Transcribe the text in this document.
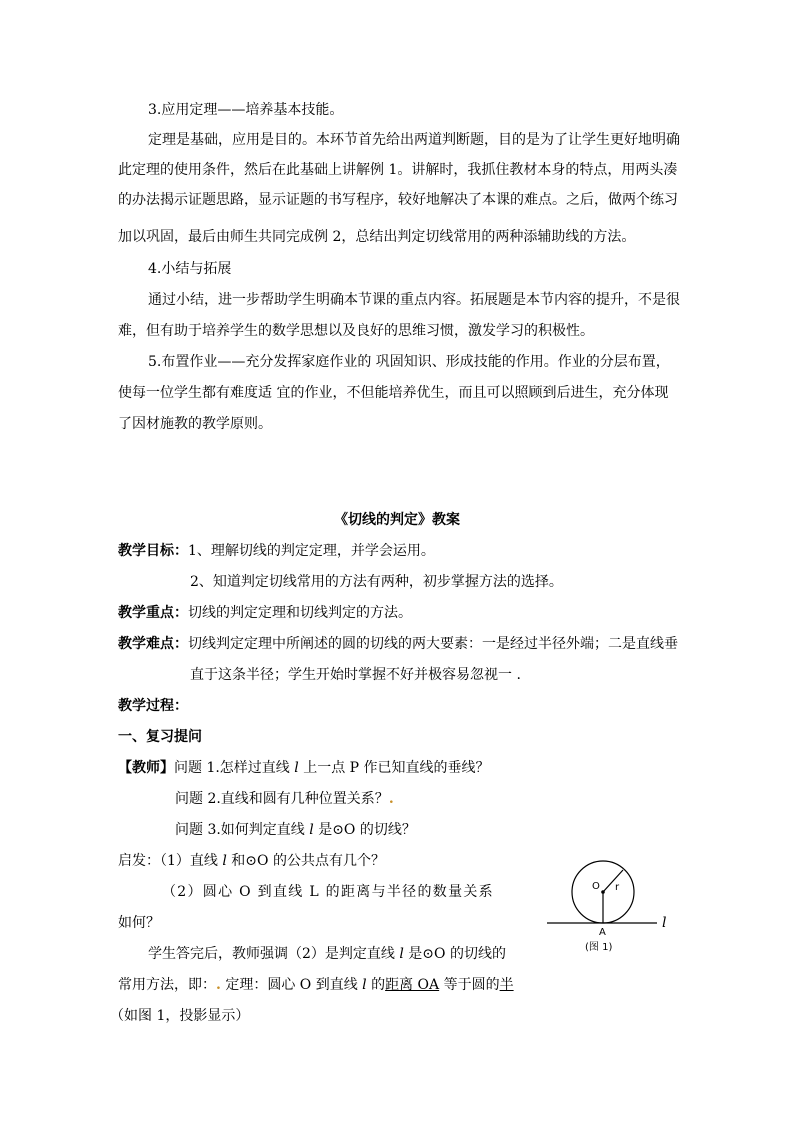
3.应用定理——培养基本技能。
定理是基础，应用是目的。本环节首先给出两道判断题，目的是为了让学生更好地明确
此定理的使用条件，然后在此基础上讲解例 1。讲解时，我抓住教材本身的特点，用两头凑
的办法揭示证题思路，显示证题的书写程序，较好地解决了本课的难点。之后，做两个练习
加以巩固，最后由师生共同完成例 2，总结出判定切线常用的两种添辅助线的方法。
4.小结与拓展
通过小结，进一步帮助学生明确本节课的重点内容。拓展题是本节内容的提升，不是很
难，但有助于培养学生的数学思想以及良好的思维习惯，激发学习的积极性。
5.布置作业——充分发挥家庭作业的 巩固知识、形成技能的作用。作业的分层布置，
使每一位学生都有难度适 宜的作业，不但能培养优生，而且可以照顾到后进生，充分体现
了因材施教的教学原则。
《切线的判定》教案
教学目标：1、理解切线的判定定理，并学会运用。
2、知道判定切线常用的方法有两种，初步掌握方法的选择。
教学重点：切线的判定定理和切线判定的方法。
教学难点：切线判定定理中所阐述的圆的切线的两大要素：一是经过半径外端；二是直线垂
直于这条半径；学生开始时掌握不好并极容易忽视一 .
教学过程：
一、复习提问
【教师】问题 1.怎样过直线 l 上一点 P 作已知直线的垂线？
问题 2.直线和圆有几种位置关系？.
问题 3.如何判定直线 l 是⊙O 的切线？
启发：（1）直线 l 和⊙O 的公共点有几个？
（2）圆心 O 到直线 L 的距离与半径的数量关系
如何？
学生答完后，教师强调（2）是判定直线 l 是⊙O 的切线的
常用方法，即：. 定理：圆心 O 到直线 l 的距离 OA 等于圆的半
（如图 1，投影显示）
O r
A
l
(图 1)
